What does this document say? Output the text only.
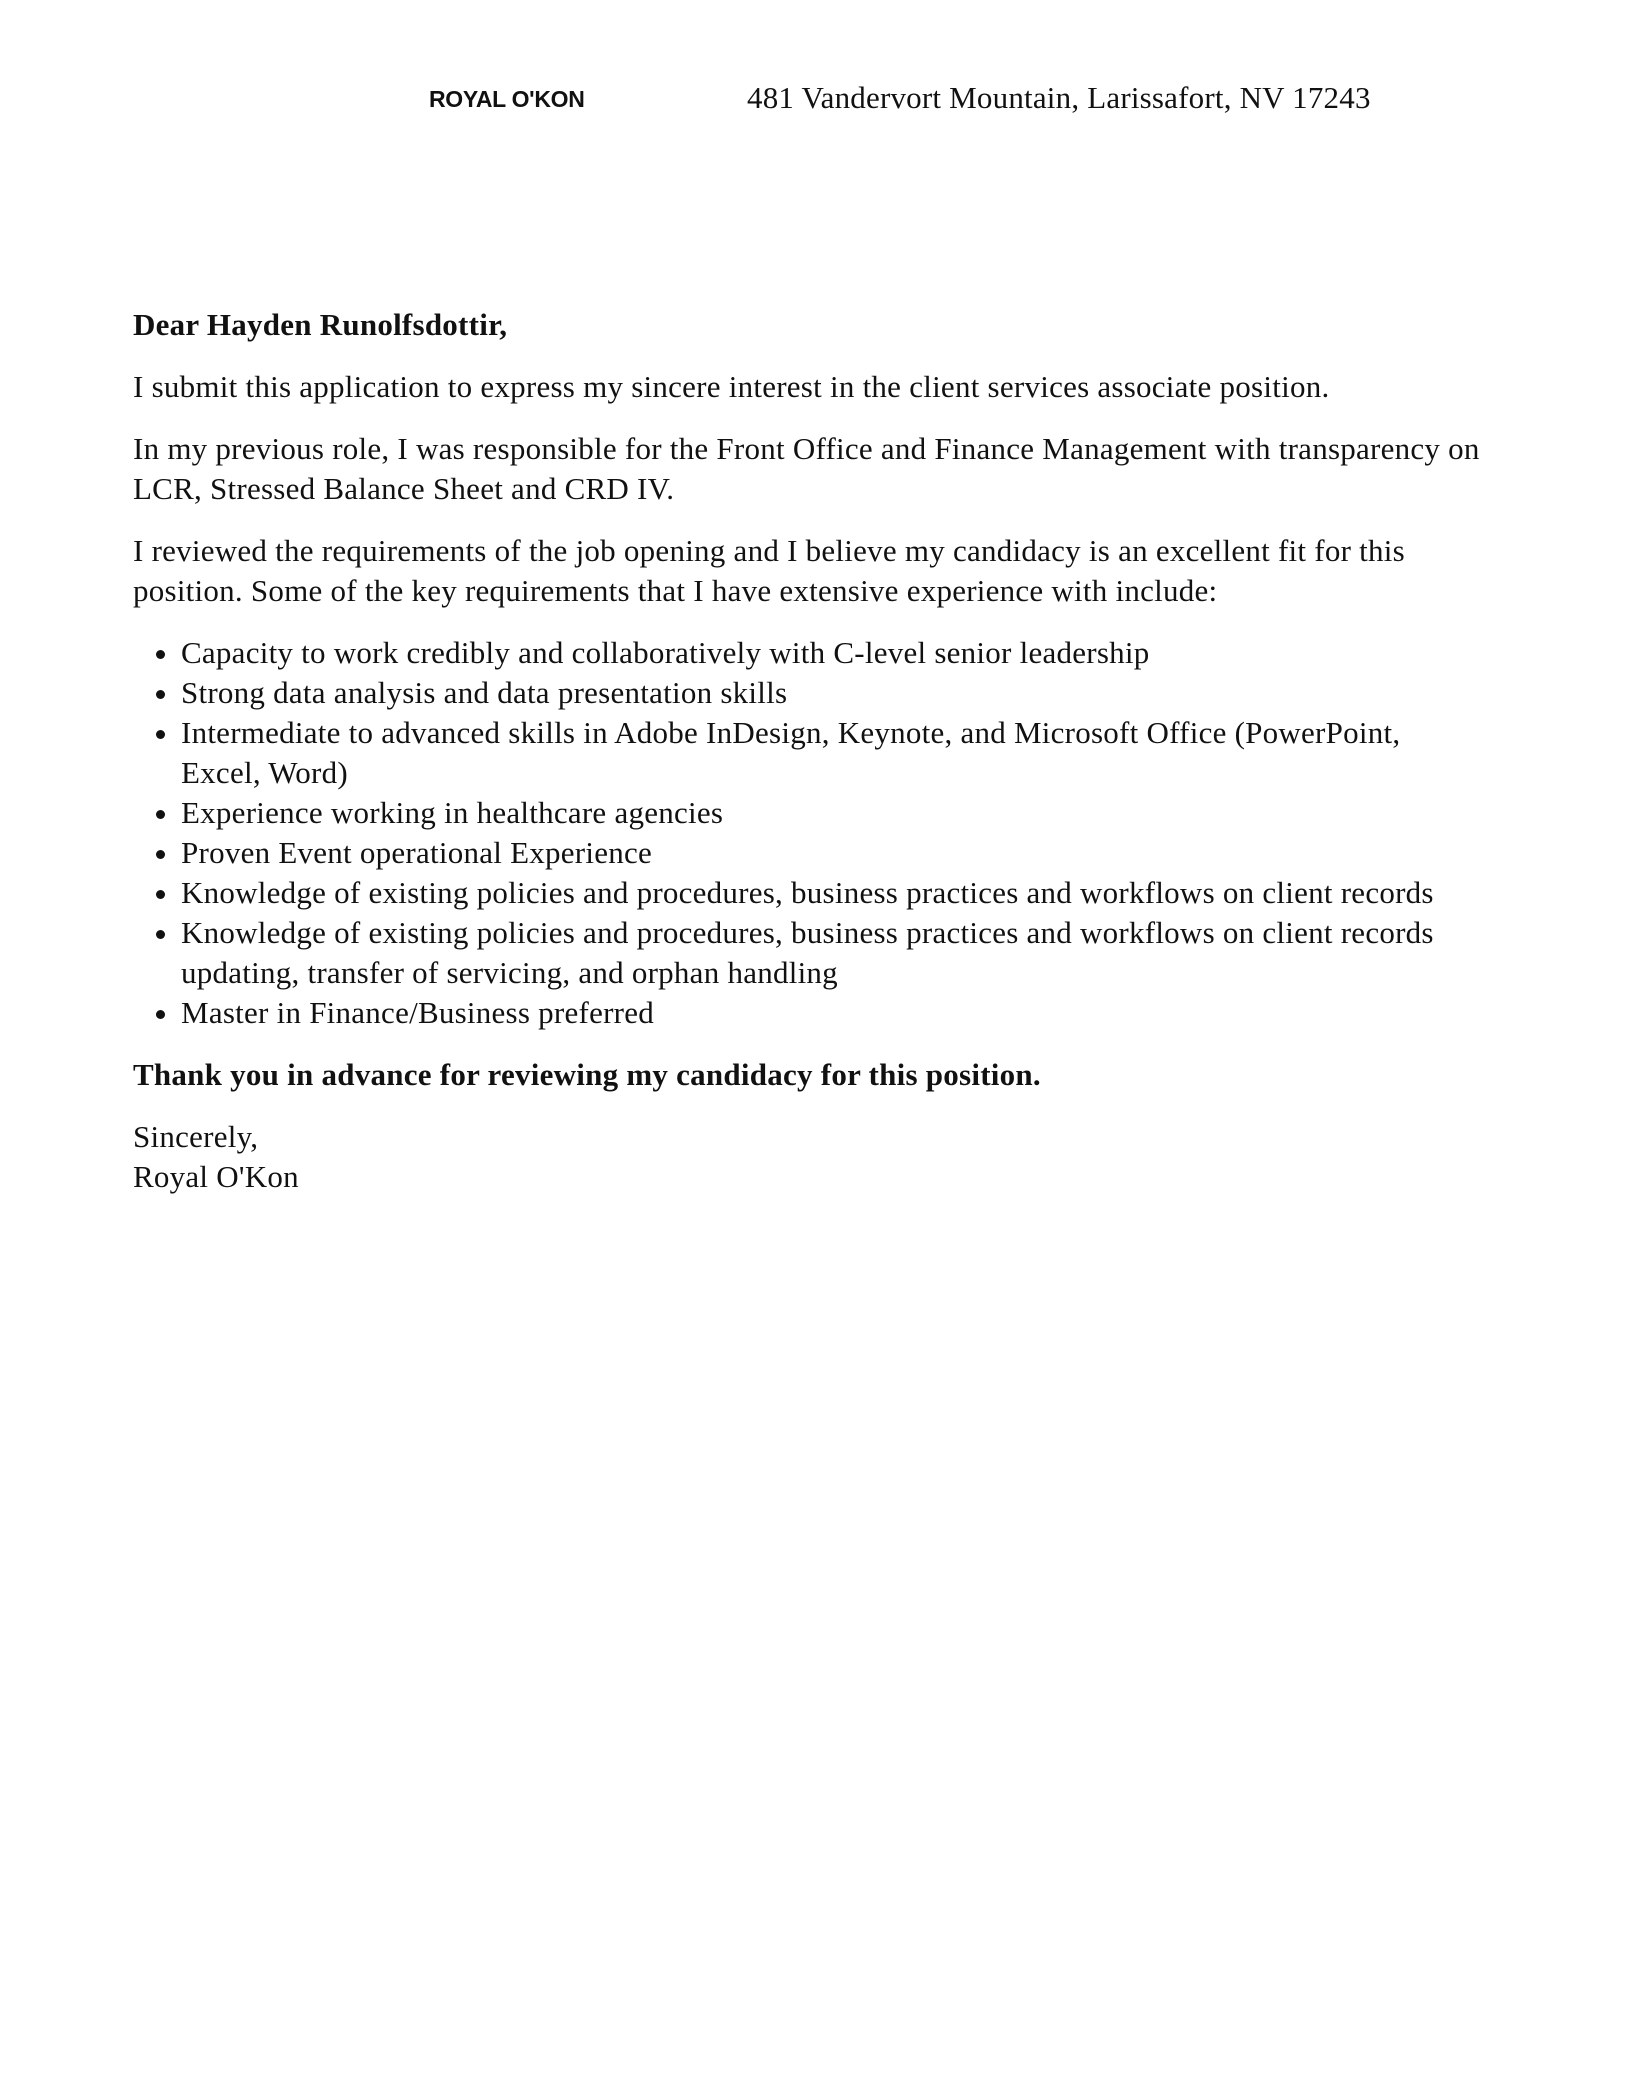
ROYAL O'KON	481 Vandervort Mountain, Larissafort, NV 17243

Dear Hayden Runolfsdottir,

I submit this application to express my sincere interest in the client services associate position.

In my previous role, I was responsible for the Front Office and Finance Management with transparency on LCR, Stressed Balance Sheet and CRD IV.

I reviewed the requirements of the job opening and I believe my candidacy is an excellent fit for this position. Some of the key requirements that I have extensive experience with include:

• Capacity to work credibly and collaboratively with C-level senior leadership
• Strong data analysis and data presentation skills
• Intermediate to advanced skills in Adobe InDesign, Keynote, and Microsoft Office (PowerPoint, Excel, Word)
• Experience working in healthcare agencies
• Proven Event operational Experience
• Knowledge of existing policies and procedures, business practices and workflows on client records
• Knowledge of existing policies and procedures, business practices and workflows on client records updating, transfer of servicing, and orphan handling
• Master in Finance/Business preferred

Thank you in advance for reviewing my candidacy for this position.

Sincerely,

Royal O'Kon
